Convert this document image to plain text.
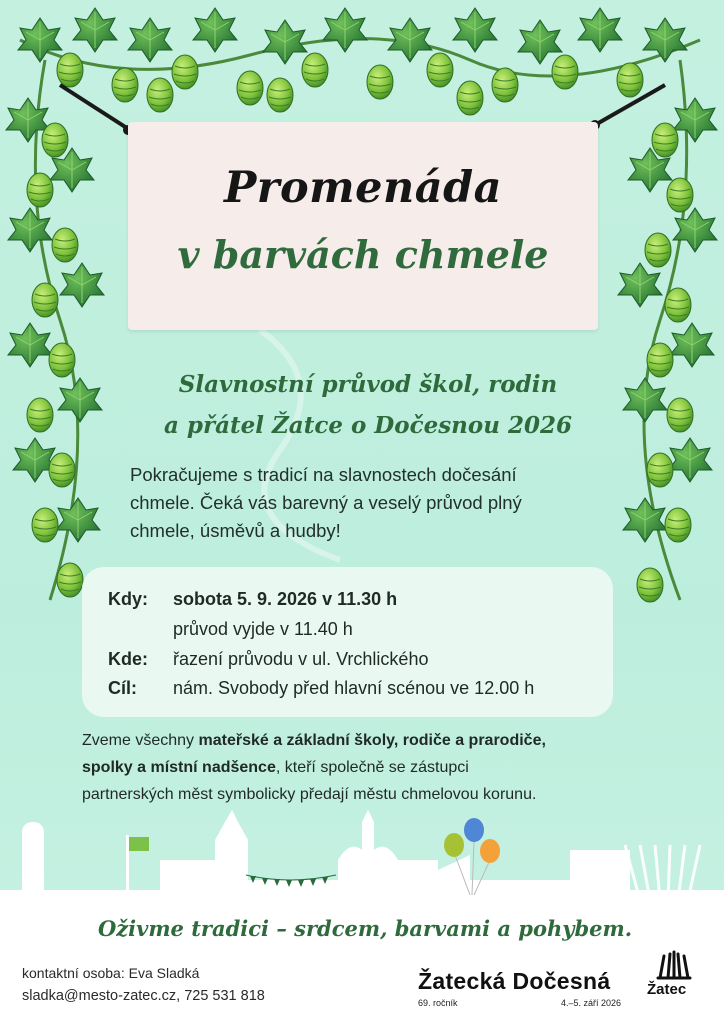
Promenáda
v barvách chmele
Slavnostní průvod škol, rodin
a přátel Žatce o Dočesnou 2026
Pokračujeme s tradicí na slavnostech dočesání
chmele. Čeká vás barevný a veselý průvod plný
chmele, úsměvů a hudby!
Kdy: sobota 5. 9. 2026 v 11.30 h
průvod vyjde v 11.40 h
Kde: řazení průvodu v ul. Vrchlického
Cíl: nám. Svobody před hlavní scénou ve 12.00 h
Zveme všechny mateřské a základní školy, rodiče a prarodiče,
spolky a místní nadšence, kteří společně se zástupci
partnerských měst symbolicky předají městu chmelovou korunu.
Oživme tradici – srdcem, barvami a pohybem.
kontaktní osoba: Eva Sladká
sladka@mesto-zatec.cz, 725 531 818
Žatecká Dočesná
69. ročník	4.–5. září 2026
Žatec
